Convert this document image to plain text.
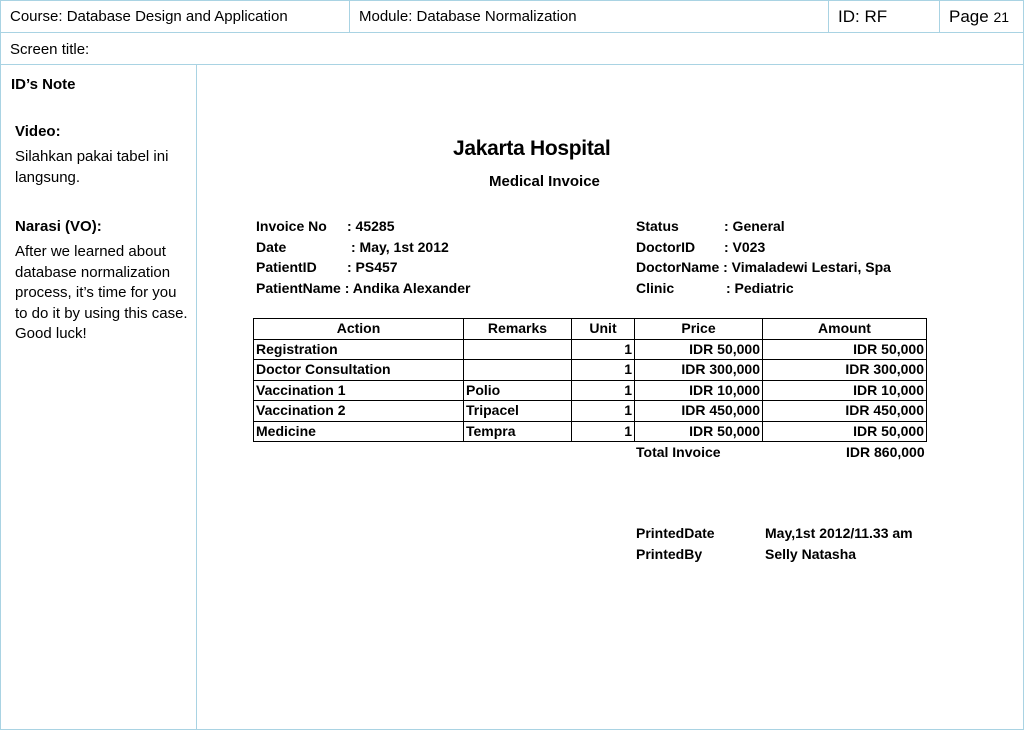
Course: Database Design and Application	Module: Database Normalization	ID: RF	Page 21
Screen title:
ID’s Note
Video:
Silahkan pakai tabel ini langsung.
Narasi (VO):
After we learned about database normalization process, it’s time for you to do it by using this case. Good luck!
Jakarta Hospital
Medical Invoice
Invoice No : 45285
Date	: May, 1st 2012
PatientID : PS457
PatientName : Andika Alexander
Status	: General
DoctorID : V023
DoctorName : Vimaladewi Lestari, Spa
Clinic	: Pediatric
Action	Remarks	Unit	Price	Amount
Registration		1	IDR 50,000	IDR 50,000
Doctor Consultation		1	IDR 300,000	IDR 300,000
Vaccination 1	Polio	1	IDR 10,000	IDR 10,000
Vaccination 2	Tripacel	1	IDR 450,000	IDR 450,000
Medicine	Tempra	1	IDR 50,000	IDR 50,000
Total Invoice	IDR 860,000
PrintedDate	May,1st 2012/11.33 am
PrintedBy	Selly Natasha
